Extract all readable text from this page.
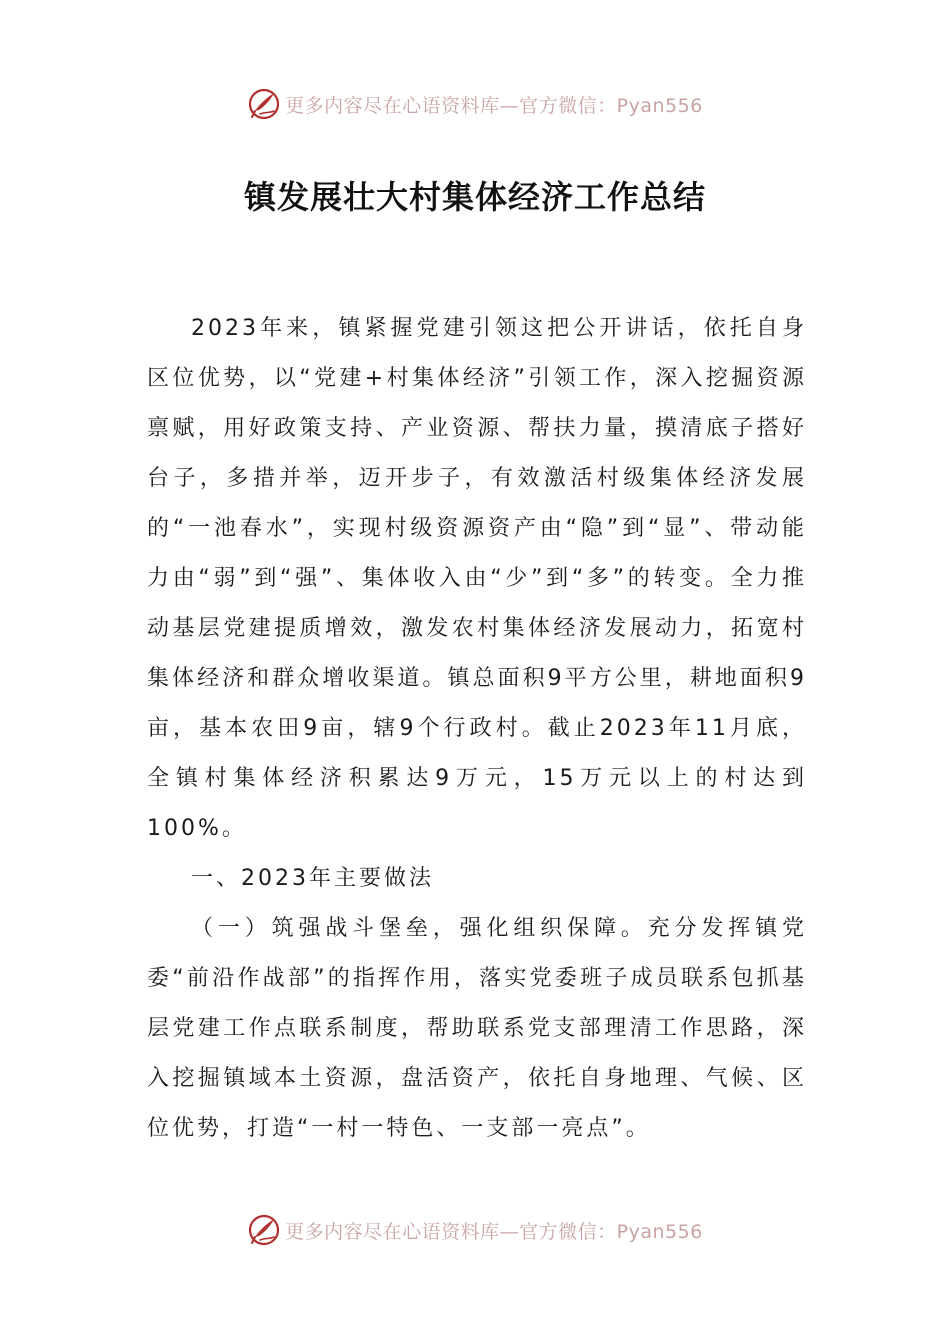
更多内容尽在心语资料库—官方微信：Pyan556
镇发展壮大村集体经济工作总结

2023年来，镇紧握党建引领这把公开讲话，依托自身区位优势，以“党建+村集体经济”引领工作，深入挖掘资源禀赋，用好政策支持、产业资源、帮扶力量，摸清底子搭好台子，多措并举，迈开步子，有效激活村级集体经济发展的“一池春水”，实现村级资源资产由“隐”到“显”、带动能力由“弱”到“强”、集体收入由“少”到“多”的转变。全力推动基层党建提质增效，激发农村集体经济发展动力，拓宽村集体经济和群众增收渠道。镇总面积9平方公里，耕地面积9亩，基本农田9亩，辖9个行政村。截止2023年11月底，全镇村集体经济积累达9万元，15万元以上的村达到100%。

一、2023年主要做法

（一）筑强战斗堡垒，强化组织保障。充分发挥镇党委“前沿作战部”的指挥作用，落实党委班子成员联系包抓基层党建工作点联系制度，帮助联系党支部理清工作思路，深入挖掘镇域本土资源，盘活资产，依托自身地理、气候、区位优势，打造“一村一特色、一支部一亮点”。

更多内容尽在心语资料库—官方微信：Pyan556
